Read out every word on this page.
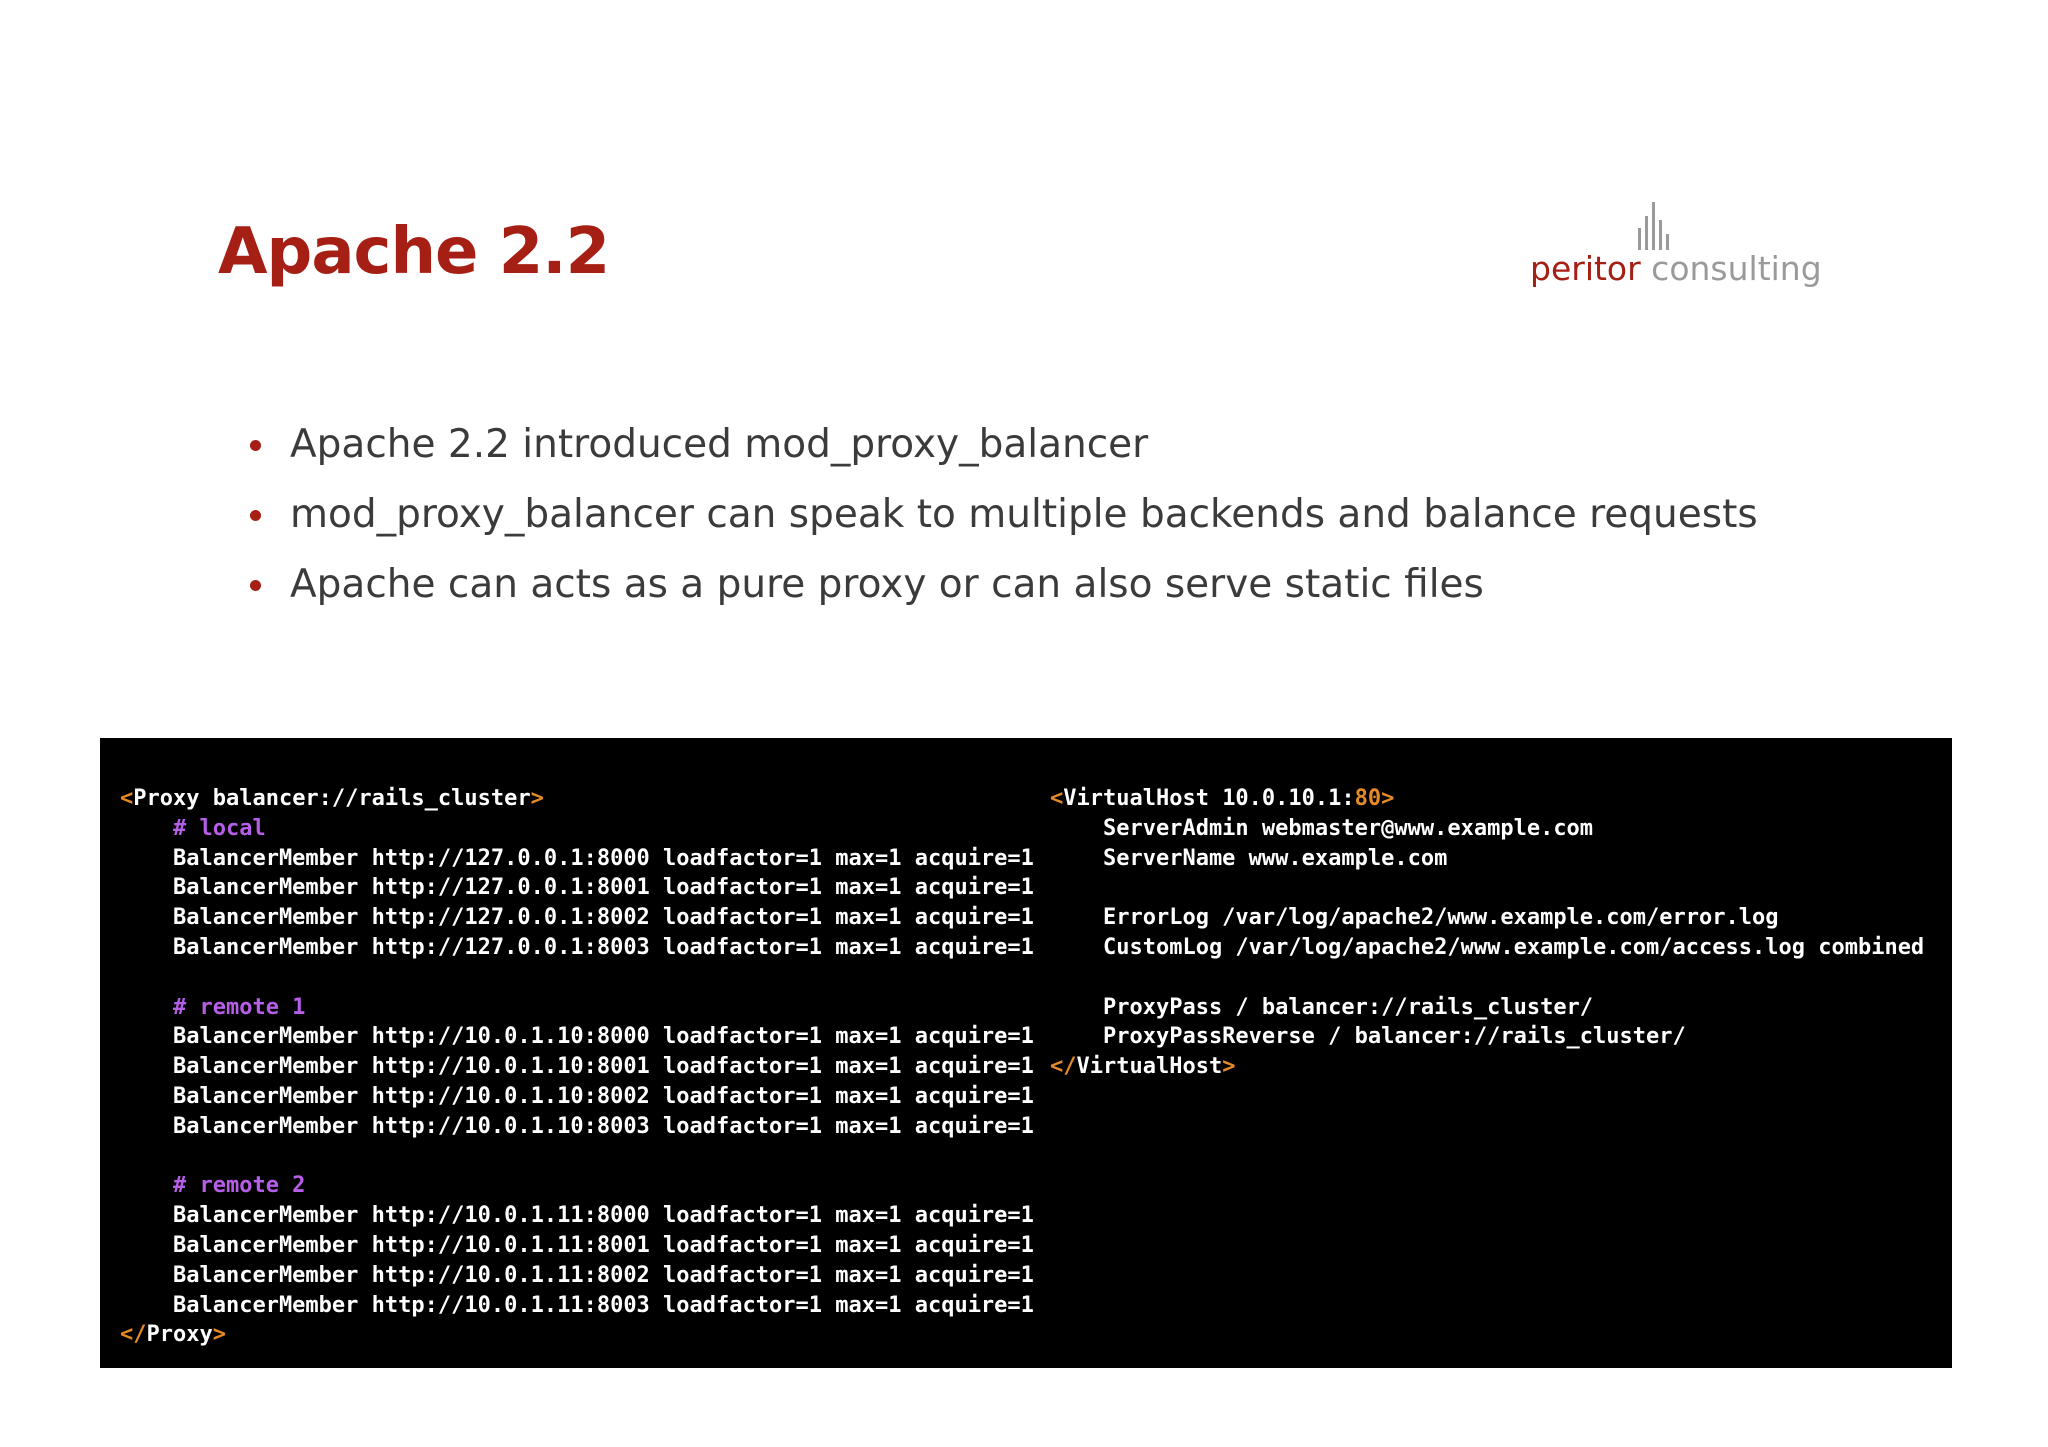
Apache 2.2	peritor consulting
Apache 2.2 introduced mod_proxy_balancer
mod_proxy_balancer can speak to multiple backends and balance requests
Apache can acts as a pure proxy or can also serve static files
<Proxy balancer://rails_cluster>
# local
BalancerMember http://127.0.0.1:8000 loadfactor=1 max=1 acquire=1
BalancerMember http://127.0.0.1:8001 loadfactor=1 max=1 acquire=1
BalancerMember http://127.0.0.1:8002 loadfactor=1 max=1 acquire=1
BalancerMember http://127.0.0.1:8003 loadfactor=1 max=1 acquire=1
# remote 1
BalancerMember http://10.0.1.10:8000 loadfactor=1 max=1 acquire=1
BalancerMember http://10.0.1.10:8001 loadfactor=1 max=1 acquire=1
BalancerMember http://10.0.1.10:8002 loadfactor=1 max=1 acquire=1
BalancerMember http://10.0.1.10:8003 loadfactor=1 max=1 acquire=1
# remote 2
BalancerMember http://10.0.1.11:8000 loadfactor=1 max=1 acquire=1
BalancerMember http://10.0.1.11:8001 loadfactor=1 max=1 acquire=1
BalancerMember http://10.0.1.11:8002 loadfactor=1 max=1 acquire=1
BalancerMember http://10.0.1.11:8003 loadfactor=1 max=1 acquire=1
</Proxy>
<VirtualHost 10.0.10.1:80>
ServerAdmin webmaster@www.example.com
ServerName www.example.com
ErrorLog /var/log/apache2/www.example.com/error.log
CustomLog /var/log/apache2/www.example.com/access.log combined
ProxyPass / balancer://rails_cluster/
ProxyPassReverse / balancer://rails_cluster/
</VirtualHost>
